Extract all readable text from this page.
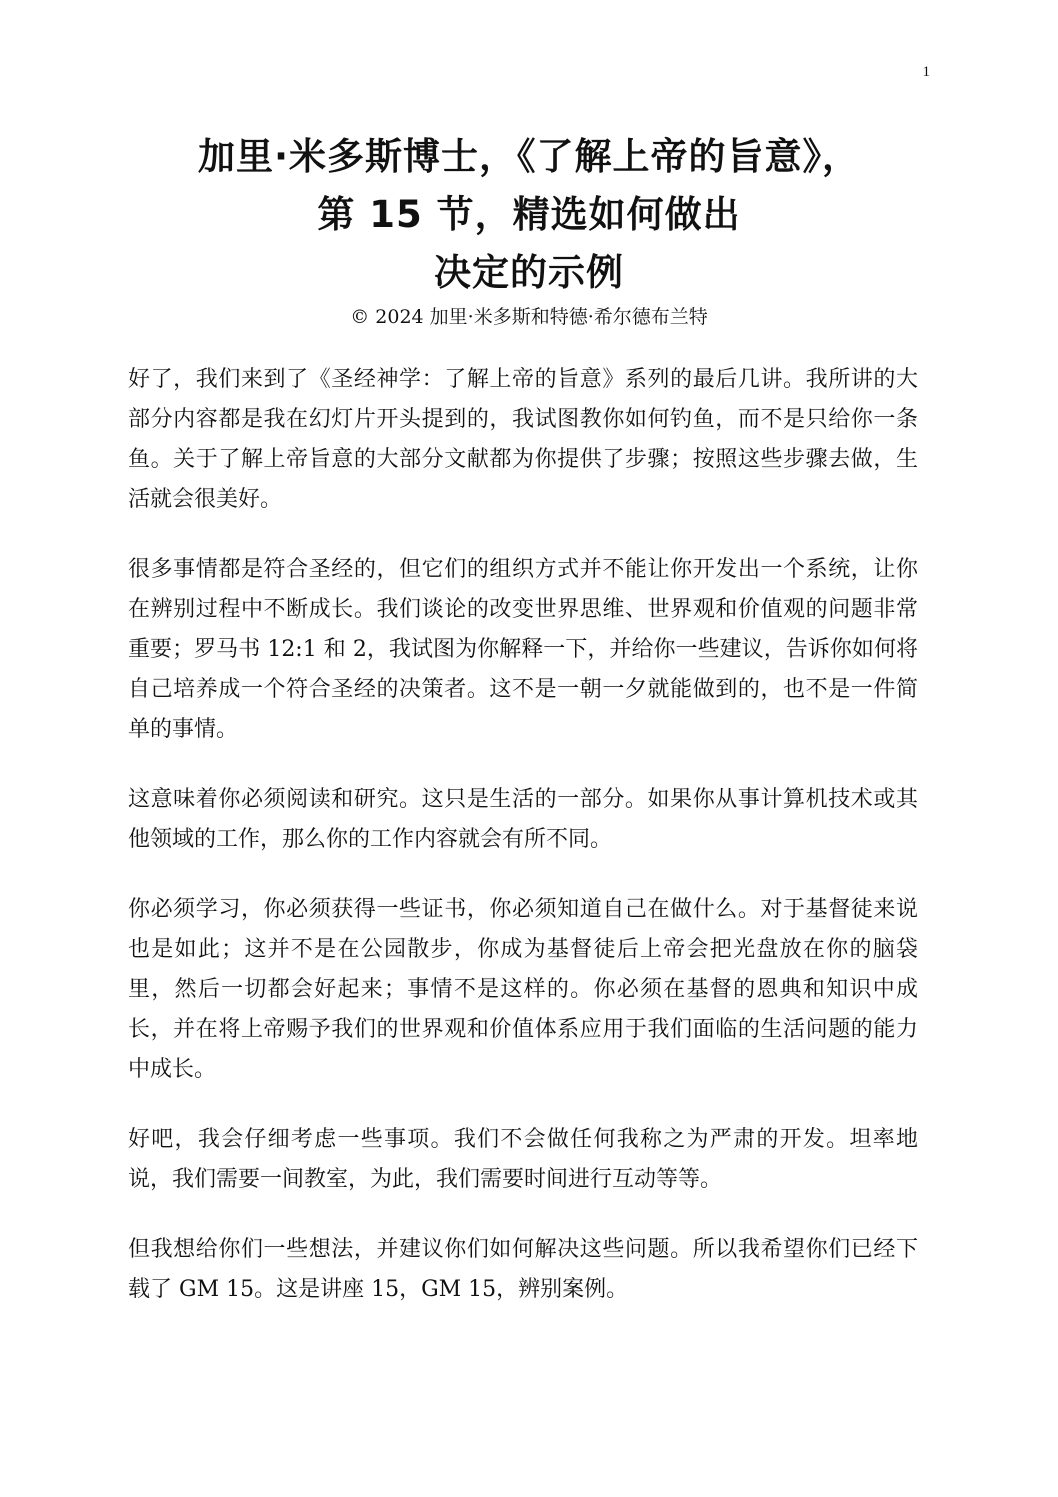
1
加里·米多斯博士，《了解上帝的旨意》，
第 15 节，精选如何做出
决定的示例
© 2024 加里·米多斯和特德·希尔德布兰特

好了，我们来到了《圣经神学：了解上帝的旨意》系列的最后几讲。我所讲的大部分内容都是我在幻灯片开头提到的，我试图教你如何钓鱼，而不是只给你一条鱼。关于了解上帝旨意的大部分文献都为你提供了步骤；按照这些步骤去做，生活就会很美好。

很多事情都是符合圣经的，但它们的组织方式并不能让你开发出一个系统，让你在辨别过程中不断成长。我们谈论的改变世界思维、世界观和价值观的问题非常重要；罗马书 12:1 和 2，我试图为你解释一下，并给你一些建议，告诉你如何将自己培养成一个符合圣经的决策者。这不是一朝一夕就能做到的，也不是一件简单的事情。

这意味着你必须阅读和研究。这只是生活的一部分。如果你从事计算机技术或其他领域的工作，那么你的工作内容就会有所不同。

你必须学习，你必须获得一些证书，你必须知道自己在做什么。对于基督徒来说也是如此；这并不是在公园散步，你成为基督徒后上帝会把光盘放在你的脑袋里，然后一切都会好起来；事情不是这样的。你必须在基督的恩典和知识中成长，并在将上帝赐予我们的世界观和价值体系应用于我们面临的生活问题的能力中成长。

好吧，我会仔细考虑一些事项。我们不会做任何我称之为严肃的开发。坦率地说，我们需要一间教室，为此，我们需要时间进行互动等等。

但我想给你们一些想法，并建议你们如何解决这些问题。所以我希望你们已经下载了 GM 15。这是讲座 15，GM 15，辨别案例。
